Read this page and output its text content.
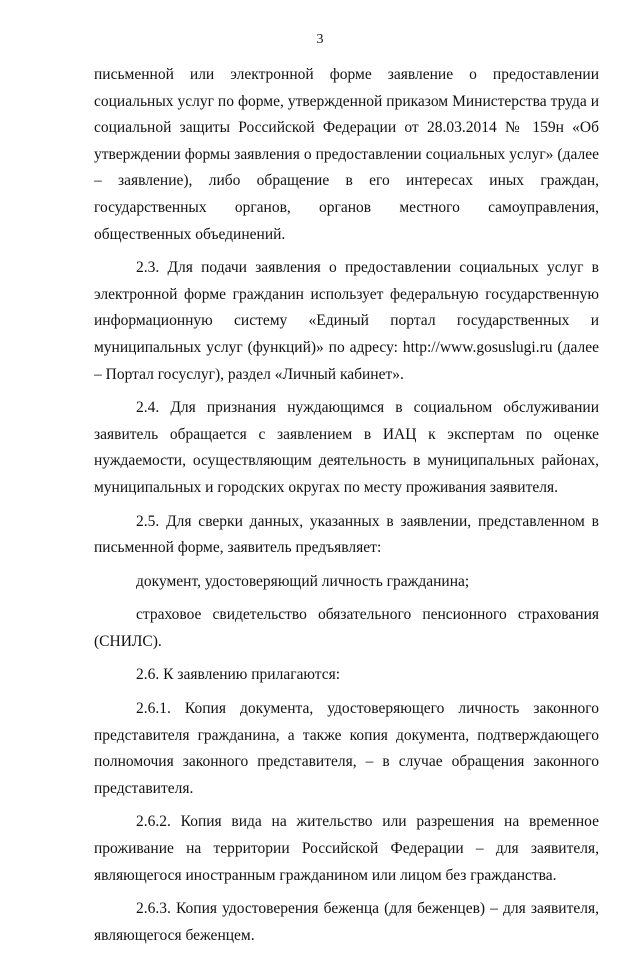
3

письменной или электронной форме заявление о предоставлении социальных услуг по форме, утвержденной приказом Министерства труда и социальной защиты Российской Федерации от 28.03.2014 № 159н «Об утверждении формы заявления о предоставлении социальных услуг» (далее – заявление), либо обращение в его интересах иных граждан, государственных органов, органов местного самоуправления, общественных объединений.

2.3. Для подачи заявления о предоставлении социальных услуг в электронной форме гражданин использует федеральную государственную информационную систему «Единый портал государственных и муниципальных услуг (функций)» по адресу: http://www.gosuslugi.ru (далее – Портал госуслуг), раздел «Личный кабинет».

2.4. Для признания нуждающимся в социальном обслуживании заявитель обращается с заявлением в ИАЦ к экспертам по оценке нуждаемости, осуществляющим деятельность в муниципальных районах, муниципальных и городских округах по месту проживания заявителя.

2.5. Для сверки данных, указанных в заявлении, представленном в письменной форме, заявитель предъявляет:

документ, удостоверяющий личность гражданина;

страховое свидетельство обязательного пенсионного страхования (СНИЛС).

2.6. К заявлению прилагаются:

2.6.1. Копия документа, удостоверяющего личность законного представителя гражданина, а также копия документа, подтверждающего полномочия законного представителя, – в случае обращения законного представителя.

2.6.2. Копия вида на жительство или разрешения на временное проживание на территории Российской Федерации – для заявителя, являющегося иностранным гражданином или лицом без гражданства.

2.6.3. Копия удостоверения беженца (для беженцев) – для заявителя, являющегося беженцем.
